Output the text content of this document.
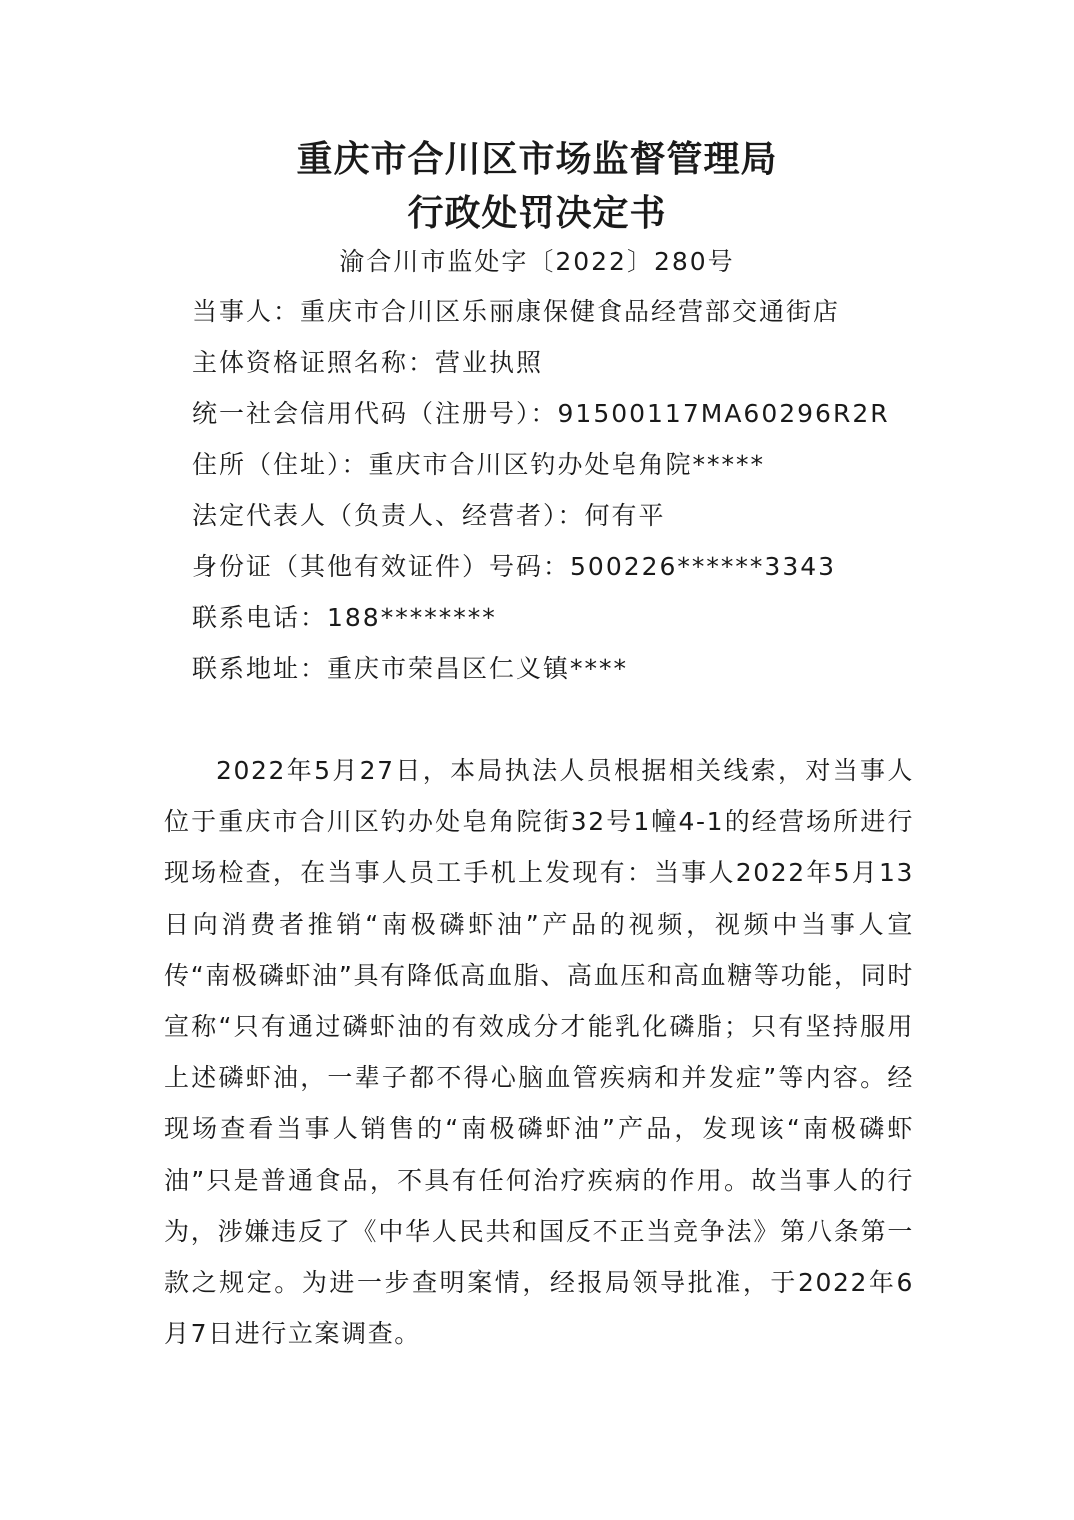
重庆市合川区市场监督管理局
行政处罚决定书
渝合川市监处字〔2022〕280号
当事人：重庆市合川区乐丽康保健食品经营部交通街店
主体资格证照名称：营业执照
统一社会信用代码（注册号）：91500117MA60296R2R
住所（住址）：重庆市合川区钓办处皂角院*****
法定代表人（负责人、经营者）：何有平
身份证（其他有效证件）号码：500226******3343
联系电话：188********
联系地址：重庆市荣昌区仁义镇****

2022年5月27日，本局执法人员根据相关线索，对当事人位于重庆市合川区钓办处皂角院街32号1幢4-1的经营场所进行现场检查，在当事人员工手机上发现有：当事人2022年5月13日向消费者推销“南极磷虾油”产品的视频，视频中当事人宣传“南极磷虾油”具有降低高血脂、高血压和高血糖等功能，同时宣称“只有通过磷虾油的有效成分才能乳化磷脂；只有坚持服用上述磷虾油，一辈子都不得心脑血管疾病和并发症”等内容。经现场查看当事人销售的“南极磷虾油”产品，发现该“南极磷虾油”只是普通食品，不具有任何治疗疾病的作用。故当事人的行为，涉嫌违反了《中华人民共和国反不正当竞争法》第八条第一款之规定。为进一步查明案情，经报局领导批准，于2022年6月7日进行立案调查。
